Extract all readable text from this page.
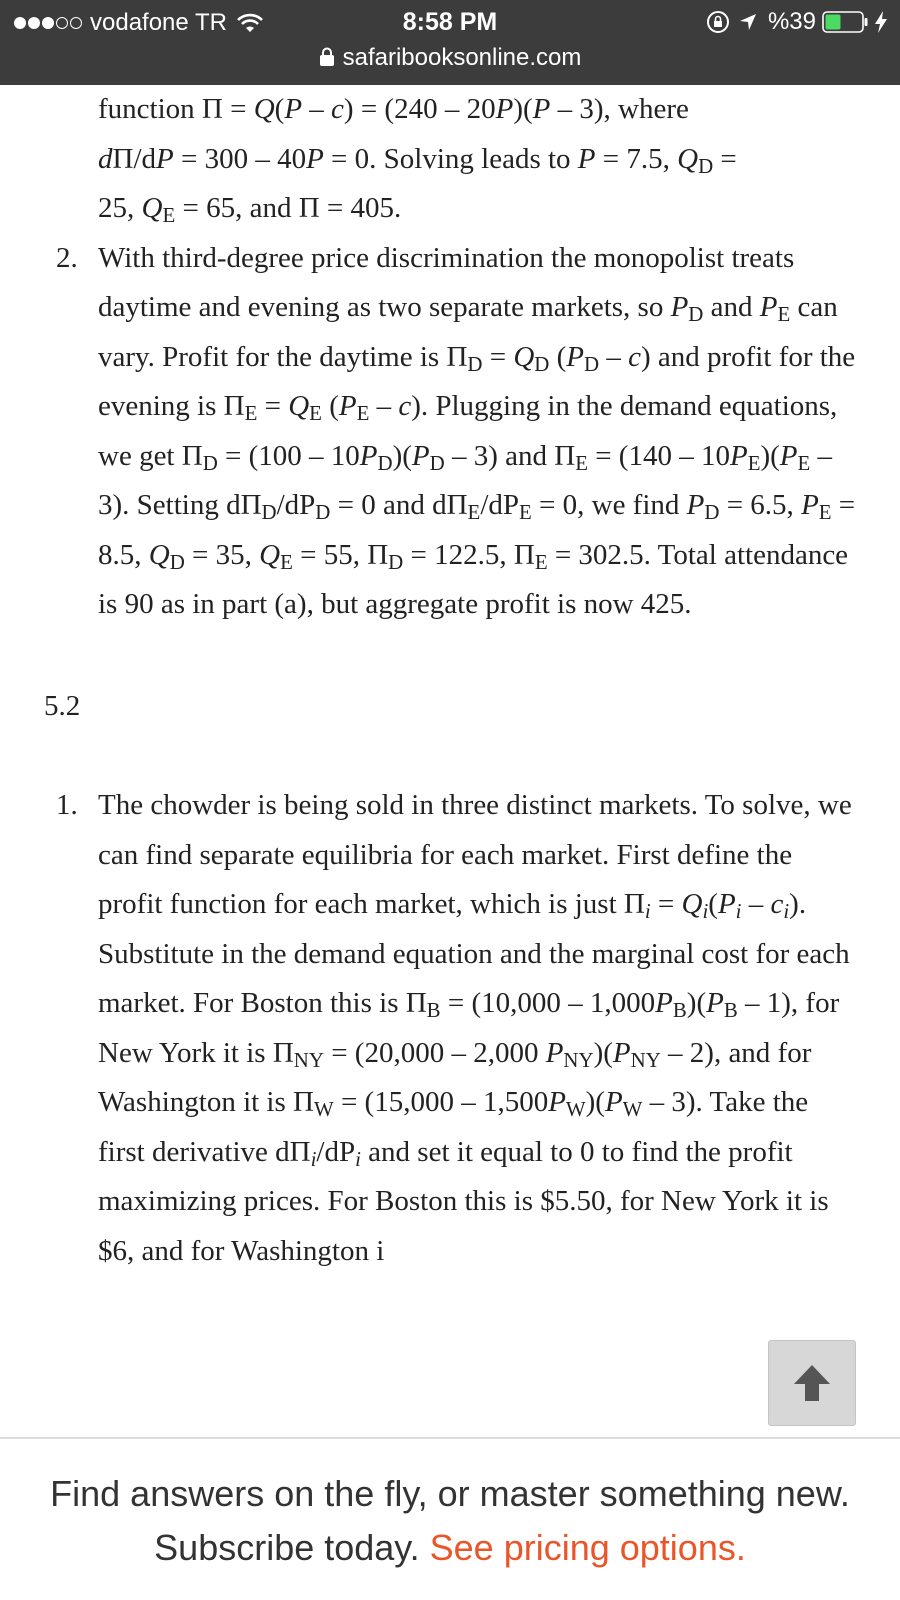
vodafone TR	8:58 PM	%39
safaribooksonline.com

function Π = Q(P – c) = (240 – 20P)(P – 3), where
dΠ/dP = 300 – 40P = 0. Solving leads to P = 7.5, $Q_D$ =
25, $Q_E = 65$, and Π = 405.

2. With third-degree price discrimination the monopolist treats daytime and evening as two separate markets, so $P_D$ and $P_E$ can vary. Profit for the daytime is $\Pi_D = Q_D$ $(P_D - c)$ and profit for the evening is $\Pi_E = Q_E$ $(P_E - c)$. Plugging in the demand equations, we get $\Pi_D = (100 - 10P_D)(P_D - 3)$ and $\Pi_E = (140 - 10P_E)(P_E - 3)$. Setting $d\Pi_D/dP_D = 0$ and $d\Pi_E/dP_E = 0$, we find $P_D = 6.5$, $P_E = 8.5$, $Q_D = 35$, $Q_E = 55$, $\Pi_D = 122.5$, $\Pi_E = 302.5$. Total attendance is 90 as in part (a), but aggregate profit is now 425.
5.2
1. The chowder is being sold in three distinct markets. To solve, we can find separate equilibria for each market. First define the profit function for each market, which is just $\Pi_i = Q_i(P_i - c_i)$. Substitute in the demand equation and the marginal cost for each market. For Boston this is $\Pi_B = (10,000 - 1,000P_B)(P_B - 1)$, for New York it is $\Pi_{NY} = (20,000 - 2,000$ $P_{NY})(P_{NY} - 2)$, and for Washington it is $\Pi_W = (15,000 - 1,500P_W)(P_W - 3)$. Take the first derivative $d\Pi_i/dP_i$ and set it equal to 0 to find the profit maximizing prices. For Boston this is $5.50, for New York it is $6, and for Washington i
Find answers on the fly, or master something new.
Subscribe today. See pricing options.
